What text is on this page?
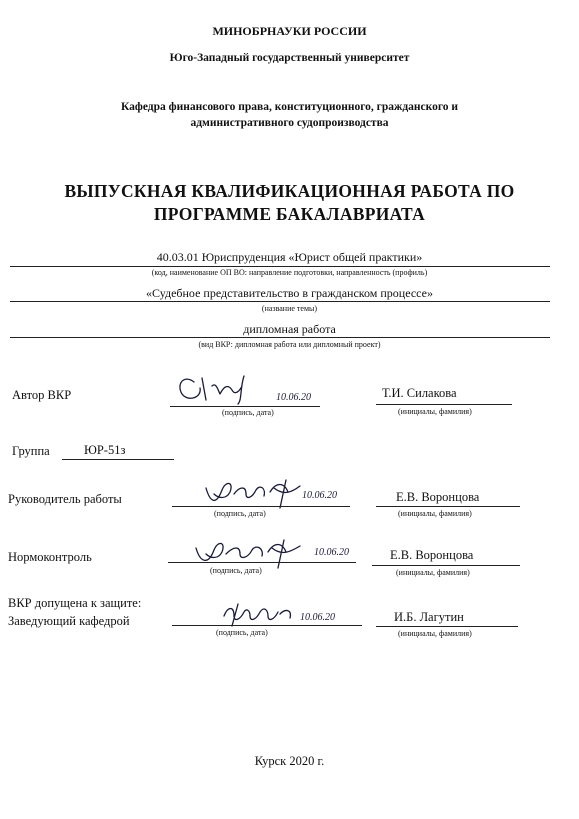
МИНОБРНАУКИ РОССИИ
Юго-Западный государственный университет
Кафедра финансового права, конституционного, гражданского и
административного судопроизводства
ВЫПУСКНАЯ КВАЛИФИКАЦИОННАЯ РАБОТА ПО
ПРОГРАММЕ БАКАЛАВРИАТА
40.03.01 Юриспруденция «Юрист общей практики»
(код, наименование ОП ВО: направление подготовки, направленность (профиль)
«Судебное представительство в гражданском процессе»
(название темы)
дипломная работа
(вид ВКР: дипломная работа или дипломный проект)
Автор ВКР	10.06.20
(подпись, дата)
Т.И. Силакова
(инициалы, фамилия)
Группа	ЮР-51з
Руководитель работы	10.06.20
(подпись, дата)
Е.В. Воронцова
(инициалы, фамилия)
Нормоконтроль	10.06.20
(подпись, дата)
Е.В. Воронцова
(инициалы, фамилия)
ВКР допущена к защите:
Заведующий кафедрой	10.06.20
(подпись, дата)
И.Б. Лагутин
(инициалы, фамилия)
Курск 2020 г.
